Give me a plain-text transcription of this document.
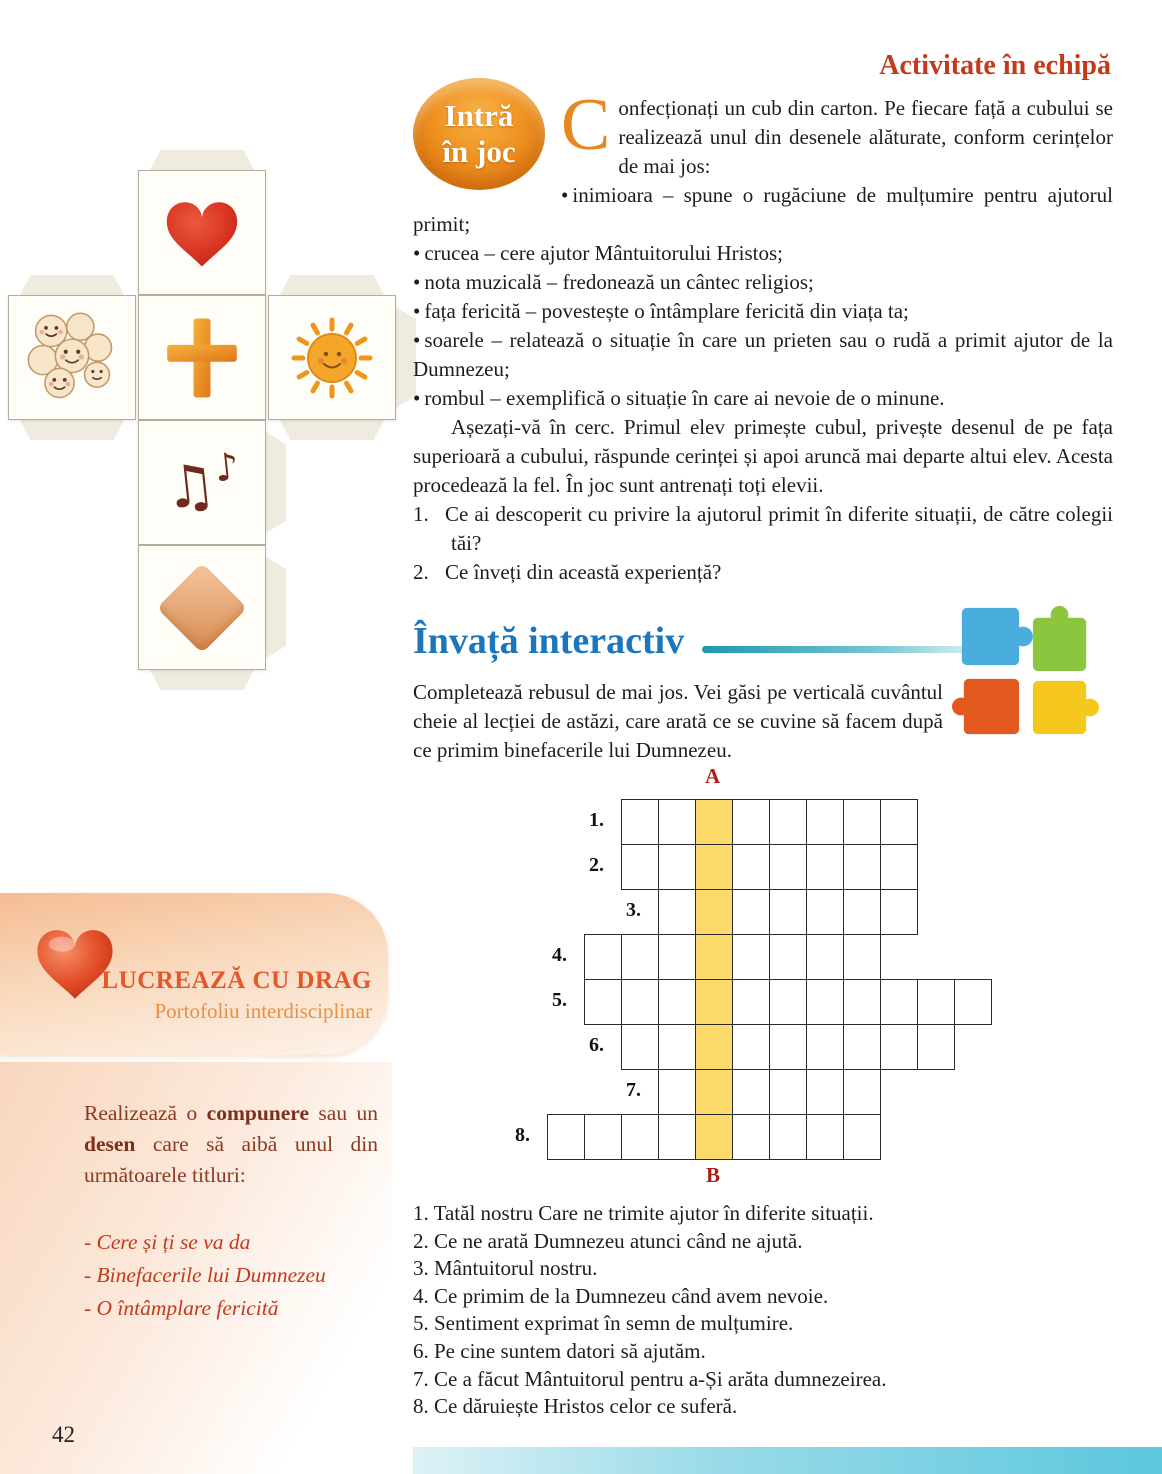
LUCREAZĂ CU DRAG
Portofoliu interdisciplinar
Realizează o compunere sau un desen care să aibă unul din următoarele titluri:
- Cere și ți se va da
- Binefacerile lui Dumnezeu
- O întâmplare fericită
♫♪
Activitate în echipă
Intră
în joc Confecționați un cub din carton. Pe fiecare față a cubului se realizează unul din desenele alăturate, conform cerințelor de mai jos:

• inimioara – spune o rugăciune de mulțumire pentru ajutorul primit;
• crucea – cere ajutor Mântuitorului Hristos;
• nota muzicală – fredonează un cântec religios;
• fața fericită – povestește o întâmplare fericită din viața ta;
• soarele – relatează o situație în care un prieten sau o rudă a primit ajutor de la Dumnezeu;
• rombul – exemplifică o situație în care ai nevoie de o minune.

Așezați-vă în cerc. Primul elev primește cubul, privește desenul de pe fața superioară a cubului, răspunde cerinței și apoi aruncă mai departe altui elev. Acesta procedează la fel. În joc sunt antrenați toți elevii.

1. Ce ai descoperit cu privire la ajutorul primit în diferite situații, de către colegii tăi?
2. Ce înveți din această experiență?
Învață interactiv

Completează rebusul de mai jos. Vei găsi pe verticală cuvântul cheie al lecției de astăzi, care arată ce se cuvine să facem după ce primim binefacerile lui Dumnezeu.

A
B
1.
2.
3.
4.
5.
6.
7.
8.
1. Tatăl nostru Care ne trimite ajutor în diferite situații.
2. Ce ne arată Dumnezeu atunci când ne ajută.
3. Mântuitorul nostru.
4. Ce primim de la Dumnezeu când avem nevoie.
5. Sentiment exprimat în semn de mulțumire.
6. Pe cine suntem datori să ajutăm.
7. Ce a făcut Mântuitorul pentru a-Și arăta dumnezeirea.
8. Ce dăruiește Hristos celor ce suferă.
42
